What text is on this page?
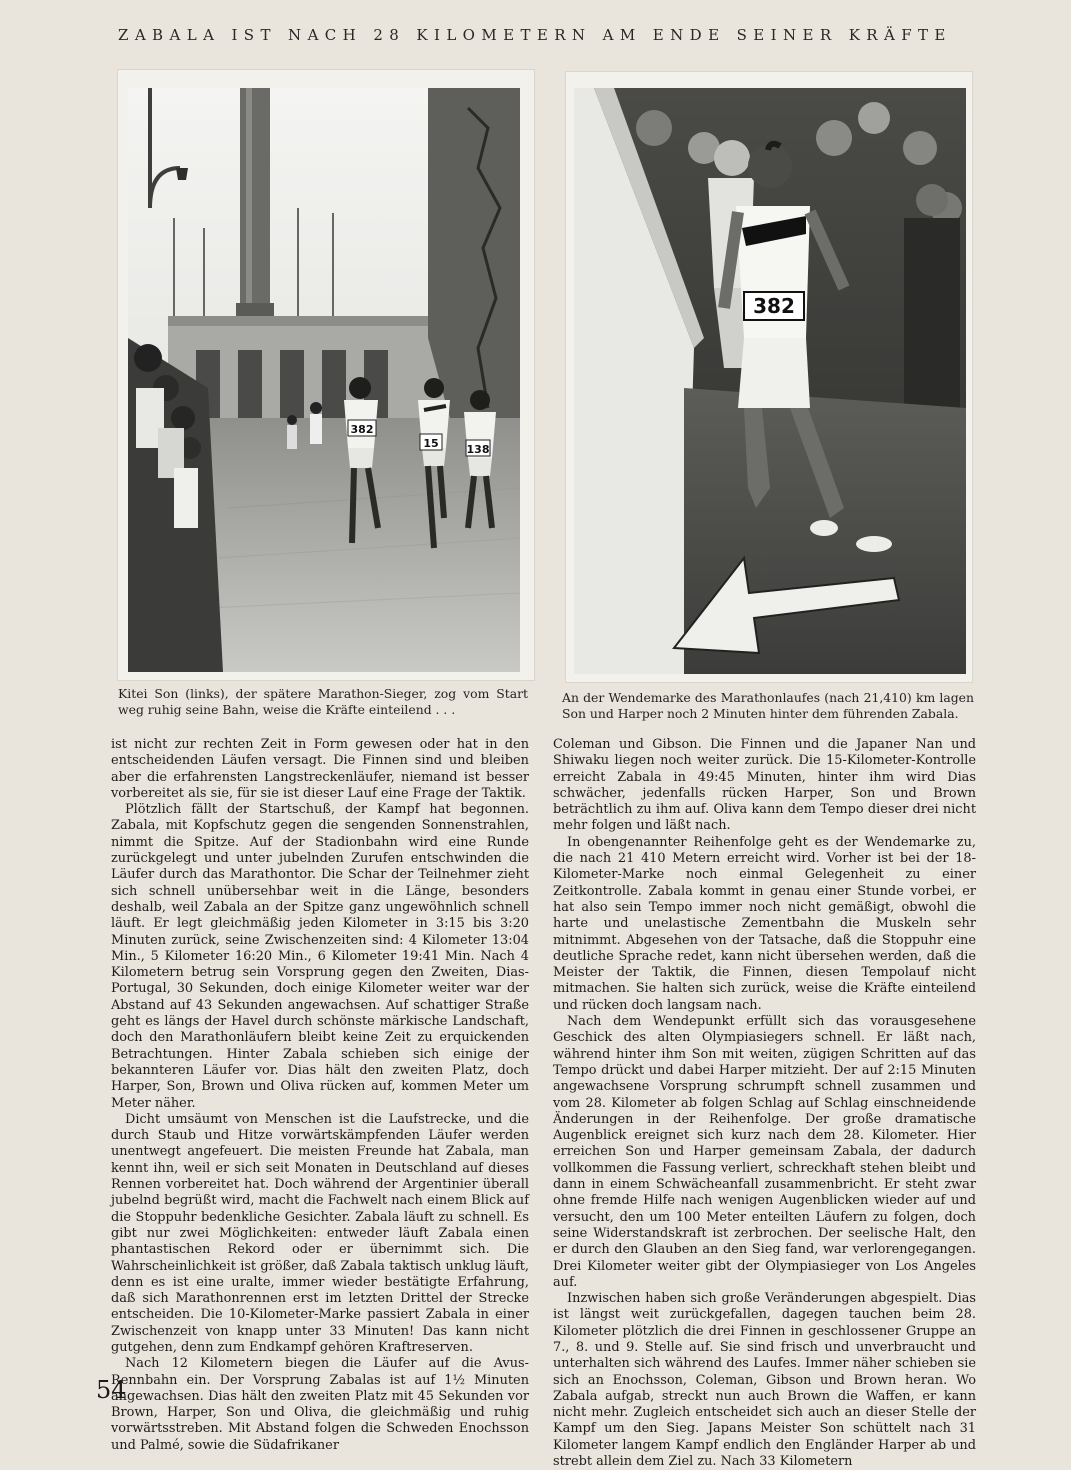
ZABALA IST NACH 28 KILOMETERN AM ENDE SEINER KRÄFTE
382
15	138
382
Kitei Son (links), der spätere Marathon-Sieger, zog vom Start weg ruhig seine Bahn, weise die Kräfte einteilend . . .
An der Wendemarke des Marathonlaufes (nach 21,410) km lagen Son und Harper noch 2 Minuten hinter dem führenden Zabala.

ist nicht zur rechten Zeit in Form gewesen oder hat in den entscheidenden Läufen versagt. Die Finnen sind und bleiben aber die erfahrensten Langstreckenläufer, niemand ist besser vorbereitet als sie, für sie ist dieser Lauf eine Frage der Taktik.

Plötzlich fällt der Startschuß, der Kampf hat begonnen. Zabala, mit Kopfschutz gegen die sengenden Sonnenstrahlen, nimmt die Spitze. Auf der Stadionbahn wird eine Runde zurückgelegt und unter jubelnden Zurufen entschwinden die Läufer durch das Marathontor. Die Schar der Teilnehmer zieht sich schnell unübersehbar weit in die Länge, besonders deshalb, weil Zabala an der Spitze ganz ungewöhnlich schnell läuft. Er legt gleichmäßig jeden Kilometer in 3:15 bis 3:20 Minuten zurück, seine Zwischenzeiten sind: 4 Kilometer 13:04 Min., 5 Kilometer 16:20 Min., 6 Kilometer 19:41 Min. Nach 4 Kilometern betrug sein Vorsprung gegen den Zweiten, Dias-Portugal, 30 Sekunden, doch einige Kilometer weiter war der Abstand auf 43 Sekunden angewachsen. Auf schattiger Straße geht es längs der Havel durch schönste märkische Landschaft, doch den Marathonläufern bleibt keine Zeit zu erquickenden Betrachtungen. Hinter Zabala schieben sich einige der bekannteren Läufer vor. Dias hält den zweiten Platz, doch Harper, Son, Brown und Oliva rücken auf, kommen Meter um Meter näher.

Dicht umsäumt von Menschen ist die Laufstrecke, und die durch Staub und Hitze vorwärtskämpfenden Läufer werden unentwegt angefeuert. Die meisten Freunde hat Zabala, man kennt ihn, weil er sich seit Monaten in Deutschland auf dieses Rennen vorbereitet hat. Doch während der Argentinier überall jubelnd begrüßt wird, macht die Fachwelt nach einem Blick auf die Stoppuhr bedenkliche Gesichter. Zabala läuft zu schnell. Es gibt nur zwei Möglichkeiten: entweder läuft Zabala einen phantastischen Rekord oder er übernimmt sich. Die Wahrscheinlichkeit ist größer, daß Zabala taktisch unklug läuft, denn es ist eine uralte, immer wieder bestätigte Erfahrung, daß sich Marathonrennen erst im letzten Drittel der Strecke entscheiden. Die 10-Kilometer-Marke passiert Zabala in einer Zwischenzeit von knapp unter 33 Minuten! Das kann nicht gutgehen, denn zum Endkampf gehören Kraftreserven.

Nach 12 Kilometern biegen die Läufer auf die Avus-Rennbahn ein. Der Vorsprung Zabalas ist auf 1½ Minuten angewachsen. Dias hält den zweiten Platz mit 45 Sekunden vor Brown, Harper, Son und Oliva, die gleichmäßig und ruhig vorwärtsstreben. Mit Abstand folgen die Schweden Enochsson und Palmé, sowie die Südafrikaner

Coleman und Gibson. Die Finnen und die Japaner Nan und Shiwaku liegen noch weiter zurück. Die 15-Kilometer-Kontrolle erreicht Zabala in 49:45 Minuten, hinter ihm wird Dias schwächer, jedenfalls rücken Harper, Son und Brown beträchtlich zu ihm auf. Oliva kann dem Tempo dieser drei nicht mehr folgen und läßt nach.

In obengenannter Reihenfolge geht es der Wendemarke zu, die nach 21 410 Metern erreicht wird. Vorher ist bei der 18-Kilometer-Marke noch einmal Gelegenheit zu einer Zeitkontrolle. Zabala kommt in genau einer Stunde vorbei, er hat also sein Tempo immer noch nicht gemäßigt, obwohl die harte und unelastische Zementbahn die Muskeln sehr mitnimmt. Abgesehen von der Tatsache, daß die Stoppuhr eine deutliche Sprache redet, kann nicht übersehen werden, daß die Meister der Taktik, die Finnen, diesen Tempolauf nicht mitmachen. Sie halten sich zurück, weise die Kräfte einteilend und rücken doch langsam nach.

Nach dem Wendepunkt erfüllt sich das vorausgesehene Geschick des alten Olympiasiegers schnell. Er läßt nach, während hinter ihm Son mit weiten, zügigen Schritten auf das Tempo drückt und dabei Harper mitzieht. Der auf 2:15 Minuten angewachsene Vorsprung schrumpft schnell zusammen und vom 28. Kilometer ab folgen Schlag auf Schlag einschneidende Änderungen in der Reihenfolge. Der große dramatische Augenblick ereignet sich kurz nach dem 28. Kilometer. Hier erreichen Son und Harper gemeinsam Zabala, der dadurch vollkommen die Fassung verliert, schreckhaft stehen bleibt und dann in einem Schwächeanfall zusammenbricht. Er steht zwar ohne fremde Hilfe nach wenigen Augenblicken wieder auf und versucht, den um 100 Meter enteilten Läufern zu folgen, doch seine Widerstandskraft ist zerbrochen. Der seelische Halt, den er durch den Glauben an den Sieg fand, war verlorengegangen. Drei Kilometer weiter gibt der Olympiasieger von Los Angeles auf.

Inzwischen haben sich große Veränderungen abgespielt. Dias ist längst weit zurückgefallen, dagegen tauchen beim 28. Kilometer plötzlich die drei Finnen in geschlossener Gruppe an 7., 8. und 9. Stelle auf. Sie sind frisch und unverbraucht und unterhalten sich während des Laufes. Immer näher schieben sie sich an Enochsson, Coleman, Gibson und Brown heran. Wo Zabala aufgab, streckt nun auch Brown die Waffen, er kann nicht mehr. Zugleich entscheidet sich auch an dieser Stelle der Kampf um den Sieg. Japans Meister Son schüttelt nach 31 Kilometer langem Kampf endlich den Engländer Harper ab und strebt allein dem Ziel zu. Nach 33 Kilometern

54
